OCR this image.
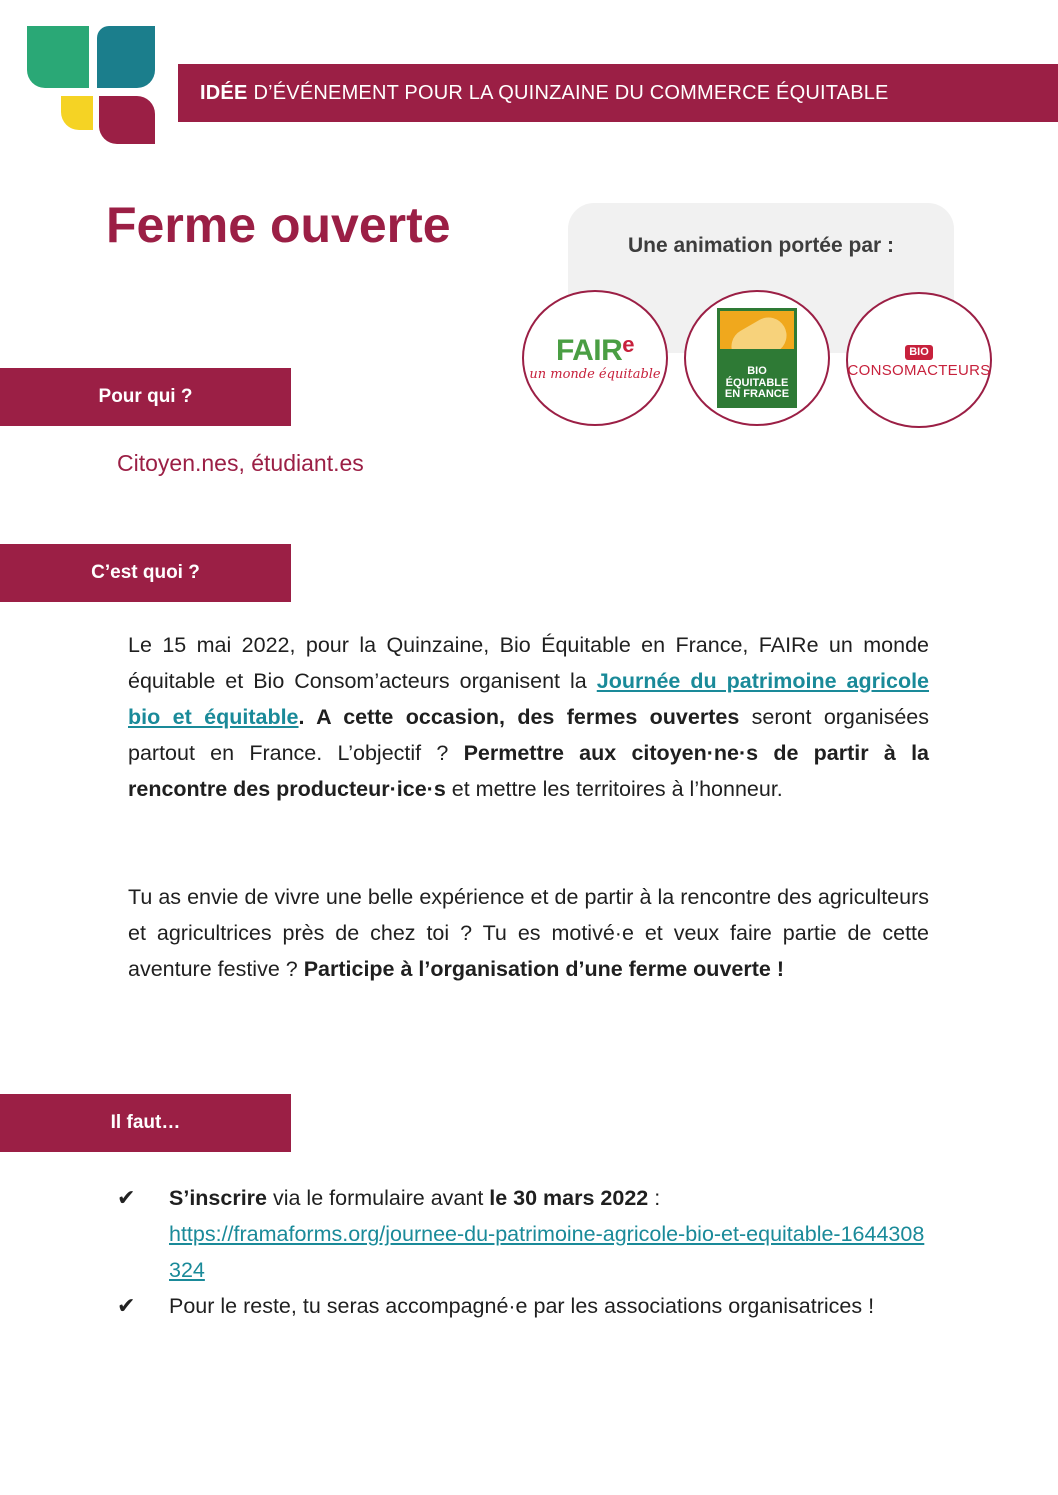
IDÉE D’ÉVÉNEMENT POUR LA QUINZAINE DU COMMERCE ÉQUITABLE
Ferme ouverte	Une animation portée par :
FAIR$^e$
un monde équitable	BIO
ÉQUITABLE
EN FRANCE
BIO
CONSOMACTEURS
Pour qui ?
Citoyen.nes, étudiant.es
C’est quoi ?

Le 15 mai 2022, pour la Quinzaine, Bio Équitable en France, FAIRe un monde équitable et Bio Consom’acteurs organisent la Journée du patrimoine agricole bio et équitable. A cette occasion, des fermes ouvertes seront organisées partout en France. L’objectif ? Permettre aux citoyen·ne·s de partir à la rencontre des producteur·ice·s et mettre les territoires à l’honneur.

Tu as envie de vivre une belle expérience et de partir à la rencontre des agriculteurs et agricultrices près de chez toi ? Tu es motivé·e et veux faire partie de cette aventure festive ? Participe à l’organisation d’une ferme ouverte !

Il faut…
✔ S’inscrire via le formulaire avant le 30 mars 2022 :
https://framaforms.org/journee-du-patrimoine-agricole-bio-et-equitable-1644308324
✔ Pour le reste, tu seras accompagné·e par les associations organisatrices !
